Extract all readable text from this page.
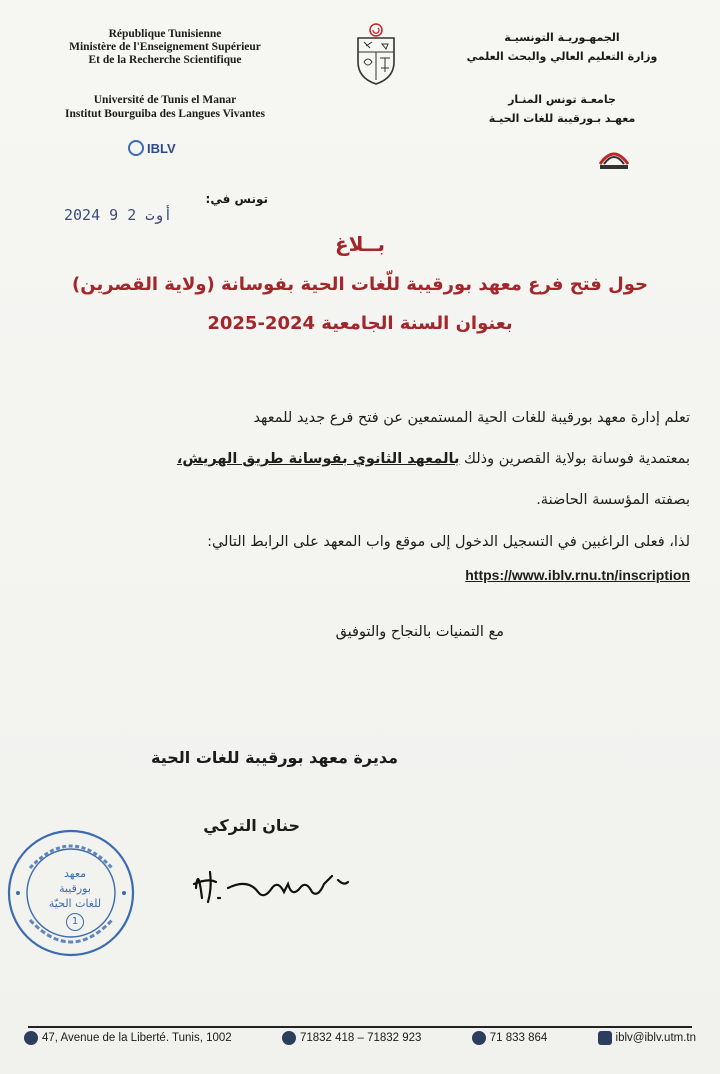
République Tunisienne
Ministère de l'Enseignement Supérieur
Et de la Recherche Scientifique
Université de Tunis el Manar
Institut Bourguiba des Langues Vivantes
IBLV
الجمهـوريـة التونسيـة
وزارة التعليم العالي والبحث العلمي
جامعـة تونس المنـار
معهـد بـورقيبة للغات الحيـة
تونس في:
2024	أوت 2 9
بــلاغ
حول فتح فرع معهد بورقيبة للّغات الحية بفوسانة (ولاية القصرين)
بعنوان السنة الجامعية 2024-2025
تعلم إدارة معهد بورقيبة للغات الحية المستمعين عن فتح فرع جديد للمعهد
بمعتمدية فوسانة بولاية القصرين وذلك بالمعهد الثانوي بفوسانة طريق الهريش،
بصفته المؤسسة الحاضنة.
لذا، فعلى الراغبين في التسجيل الدخول إلى موقع واب المعهد على الرابط التالي:
https://www.iblv.rnu.tn/inscription
مع التمنيات بالنجاح والتوفيق
مديرة معهد بورقيبة للغات الحية
حنان التركي
معهد
بورقيبة
للغات الحيّة
1
47, Avenue de la Liberté. Tunis, 1002	71832 418 – 71832 923	71 833 864	iblv@iblv.utm.tn
